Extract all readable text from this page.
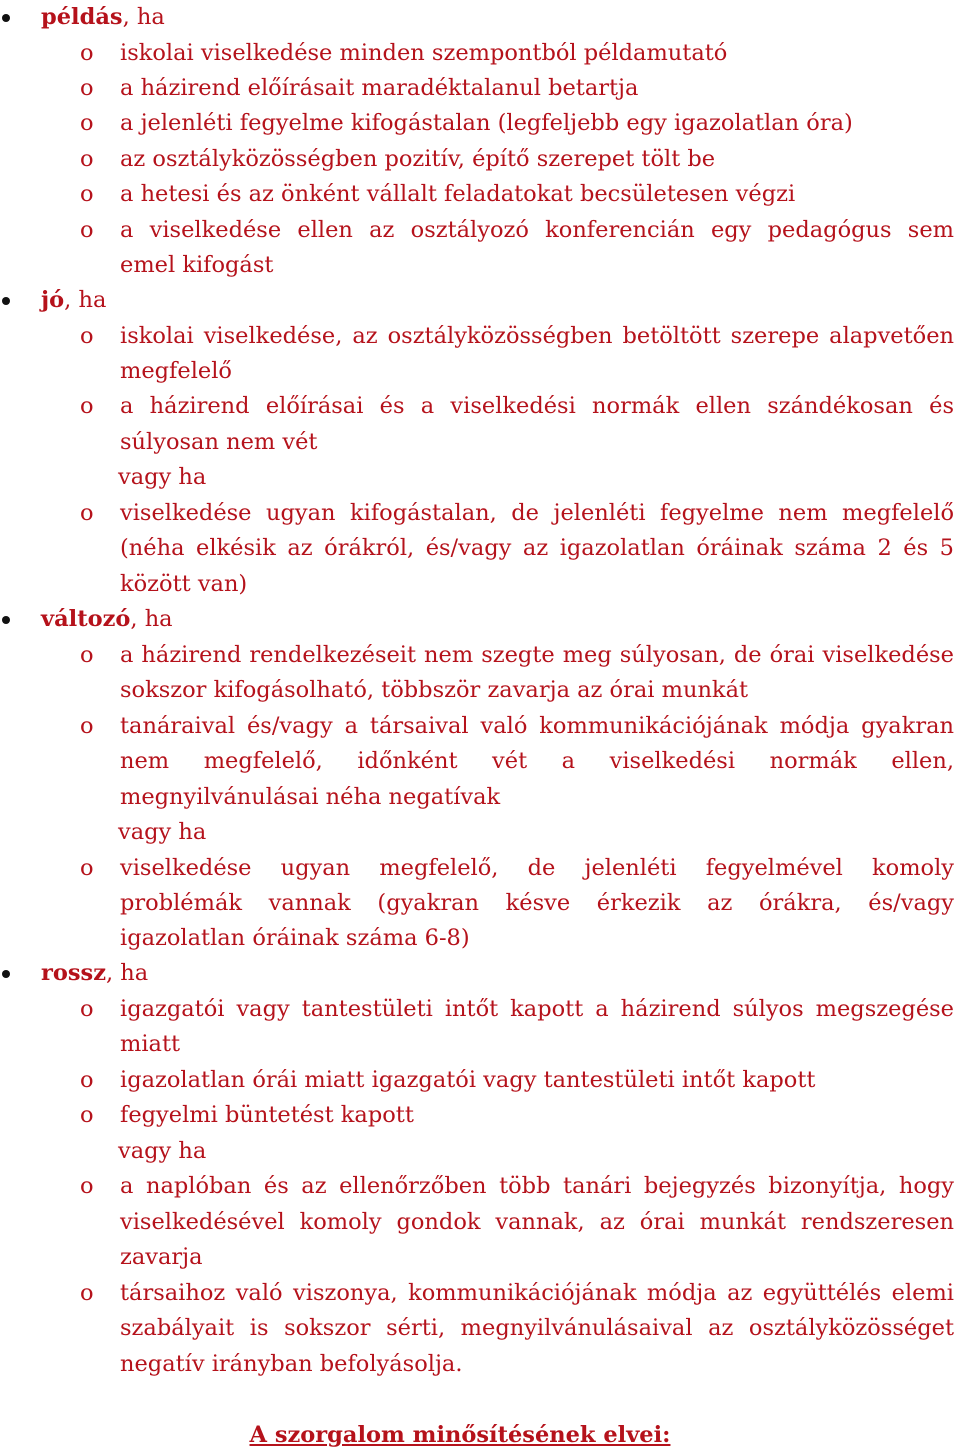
példás, ha
o iskolai viselkedése minden szempontból példamutató
o a házirend előírásait maradéktalanul betartja
o a jelenléti fegyelme kifogástalan (legfeljebb egy igazolatlan óra)
o az osztályközösségben pozitív, építő szerepet tölt be
o a hetesi és az önként vállalt feladatokat becsületesen végzi
o a viselkedése ellen az osztályozó konferencián egy pedagógus sem
emel kifogást
jó, ha
o iskolai viselkedése, az osztályközösségben betöltött szerepe alapvetően
megfelelő
o a házirend előírásai és a viselkedési normák ellen szándékosan és
súlyosan nem vét
vagy ha
o viselkedése ugyan kifogástalan, de jelenléti fegyelme nem megfelelő
(néha elkésik az órákról, és/vagy az igazolatlan óráinak száma 2 és 5
között van)
változó, ha
o a házirend rendelkezéseit nem szegte meg súlyosan, de órai viselkedése
sokszor kifogásolható, többször zavarja az órai munkát
o tanáraival és/vagy a társaival való kommunikációjának módja gyakran
nem megfelelő, időnként vét a viselkedési normák ellen,
megnyilvánulásai néha negatívak
vagy ha
o viselkedése ugyan megfelelő, de jelenléti fegyelmével komoly
problémák vannak (gyakran késve érkezik az órákra, és/vagy
igazolatlan óráinak száma 6-8)
rossz, ha
o igazgatói vagy tantestületi intőt kapott a házirend súlyos megszegése
miatt
o igazolatlan órái miatt igazgatói vagy tantestületi intőt kapott
o fegyelmi büntetést kapott
vagy ha
o a naplóban és az ellenőrzőben több tanári bejegyzés bizonyítja, hogy
viselkedésével komoly gondok vannak, az órai munkát rendszeresen
zavarja
o társaihoz való viszonya, kommunikációjának módja az együttélés elemi
szabályait is sokszor sérti, megnyilvánulásaival az osztályközösséget
negatív irányban befolyásolja.
A szorgalom minősítésének elvei:
